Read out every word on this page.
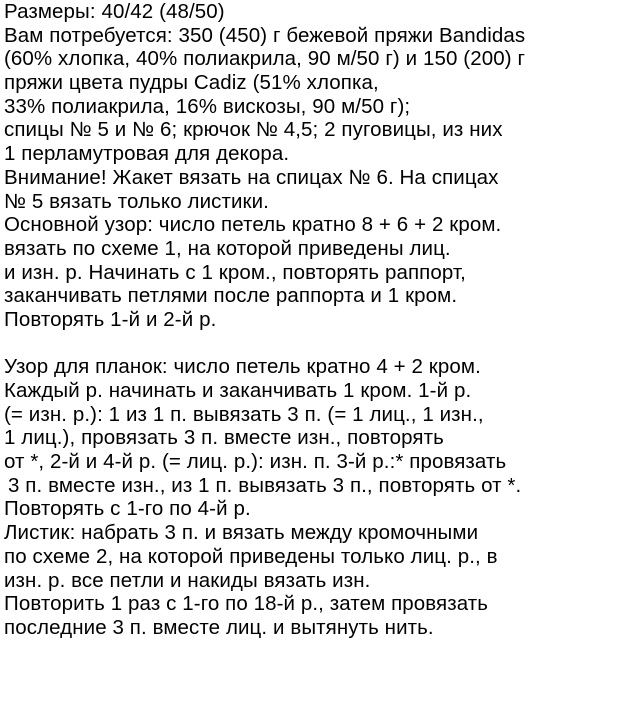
Размеры: 40/42 (48/50)
Вам потребуется: 350 (450) г бежевой пряжи Bandidas
(60% хлопка, 40% полиакрила, 90 м/50 г) и 150 (200) г
пряжи цвета пудры Cadiz (51% хлопка,
33% полиакрила, 16% вискозы, 90 м/50 г);
спицы № 5 и № 6; крючок № 4,5; 2 пуговицы, из них
1 перламутровая для декора.
Внимание! Жакет вязать на спицах № 6. На спицах
№ 5 вязать только листики.
Основной узор: число петель кратно 8 + 6 + 2 кром.
вязать по схеме 1, на которой приведены лиц.
и изн. р. Начинать с 1 кром., повторять раппорт,
заканчивать петлями после раппорта и 1 кром.
Повторять 1-й и 2-й р.
Узор для планок: число петель кратно 4 + 2 кром.
Каждый р. начинать и заканчивать 1 кром. 1-й р.
(= изн. р.): 1 из 1 п. вывязать 3 п. (= 1 лиц., 1 изн.,
1 лиц.), провязать 3 п. вместе изн., повторять
от *, 2-й и 4-й р. (= лиц. р.): изн. п. 3-й р.:* провязать
3 п. вместе изн., из 1 п. вывязать 3 п., повторять от *.
Повторять с 1-го по 4-й р.
Листик: набрать 3 п. и вязать между кромочными
по схеме 2, на которой приведены только лиц. р., в
изн. р. все петли и накиды вязать изн.
Повторить 1 раз с 1-го по 18-й р., затем провязать
последние 3 п. вместе лиц. и вытянуть нить.
